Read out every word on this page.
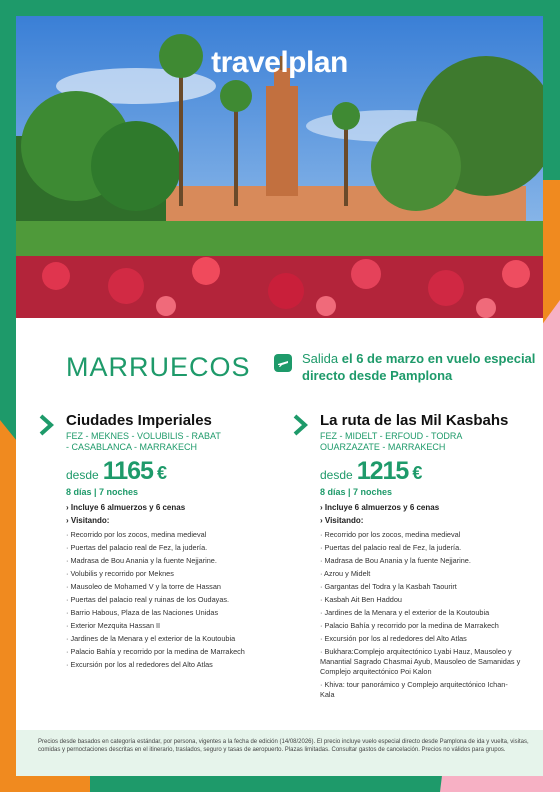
travelplan
MARRUECOS	Salida el 6 de marzo en vuelo especial directo desde Pamplona
Ciudades Imperiales
FEZ - MEKNES - VOLUBILIS - RABAT
- CASABLANCA - MARRAKECH
desde 1165 €
8 días | 7 noches
› Incluye 6 almuerzos y 6 cenas
› Visitando:
· Recorrido por los zocos, medina medieval
· Puertas del palacio real de Fez, la judería.
· Madrasa de Bou Anania y la fuente Nejjarine.
· Volubilis y recorrido por Meknes
· Mausoleo de Mohamed V y la torre de Hassan
· Puertas del palacio real y ruinas de los Oudayas.
· Barrio Habous, Plaza de las Naciones Unidas
· Exterior Mezquita Hassan II
· Jardines de la Menara y el exterior de la Koutoubia
· Palacio Bahía y recorrido por la medina de Marrakech
· Excursión por los al rededores del Alto Atlas
La ruta de las Mil Kasbahs
FEZ - MIDELT - ERFOUD - TODRA
OUARZAZATE - MARRAKECH
desde 1215 €
8 días | 7 noches
› Incluye 6 almuerzos y 6 cenas
› Visitando:
· Recorrido por los zocos, medina medieval
· Puertas del palacio real de Fez, la judería.
· Madrasa de Bou Anania y la fuente Nejjarine.
· Azrou y Midelt
· Gargantas del Todra y la Kasbah Taourirt
· Kasbah Ait Ben Haddou
· Jardines de la Menara y el exterior de la Koutoubia
· Palacio Bahía y recorrido por la medina de Marrakech
· Excursión por los al rededores del Alto Atlas
· Bukhara:Complejo arquitectónico Lyabi Hauz, Mausoleo y Manantial Sagrado Chasmai Ayub, Mausoleo de Samanidas y Complejo arquitectónico Poi Kalon
· Khiva: tour panorámico y Complejo arquitectónico Ichan-Kala

Precios desde basados en categoría estándar, por persona, vigentes a la fecha de edición (14/08/2026). El precio incluye vuelo especial directo desde Pamplona de ida y vuelta, visitas, comidas y pernoctaciones descritas en el itinerario, traslados, seguro y tasas de aeropuerto. Plazas limitadas. Consultar gastos de cancelación. Precios no válidos para grupos.
